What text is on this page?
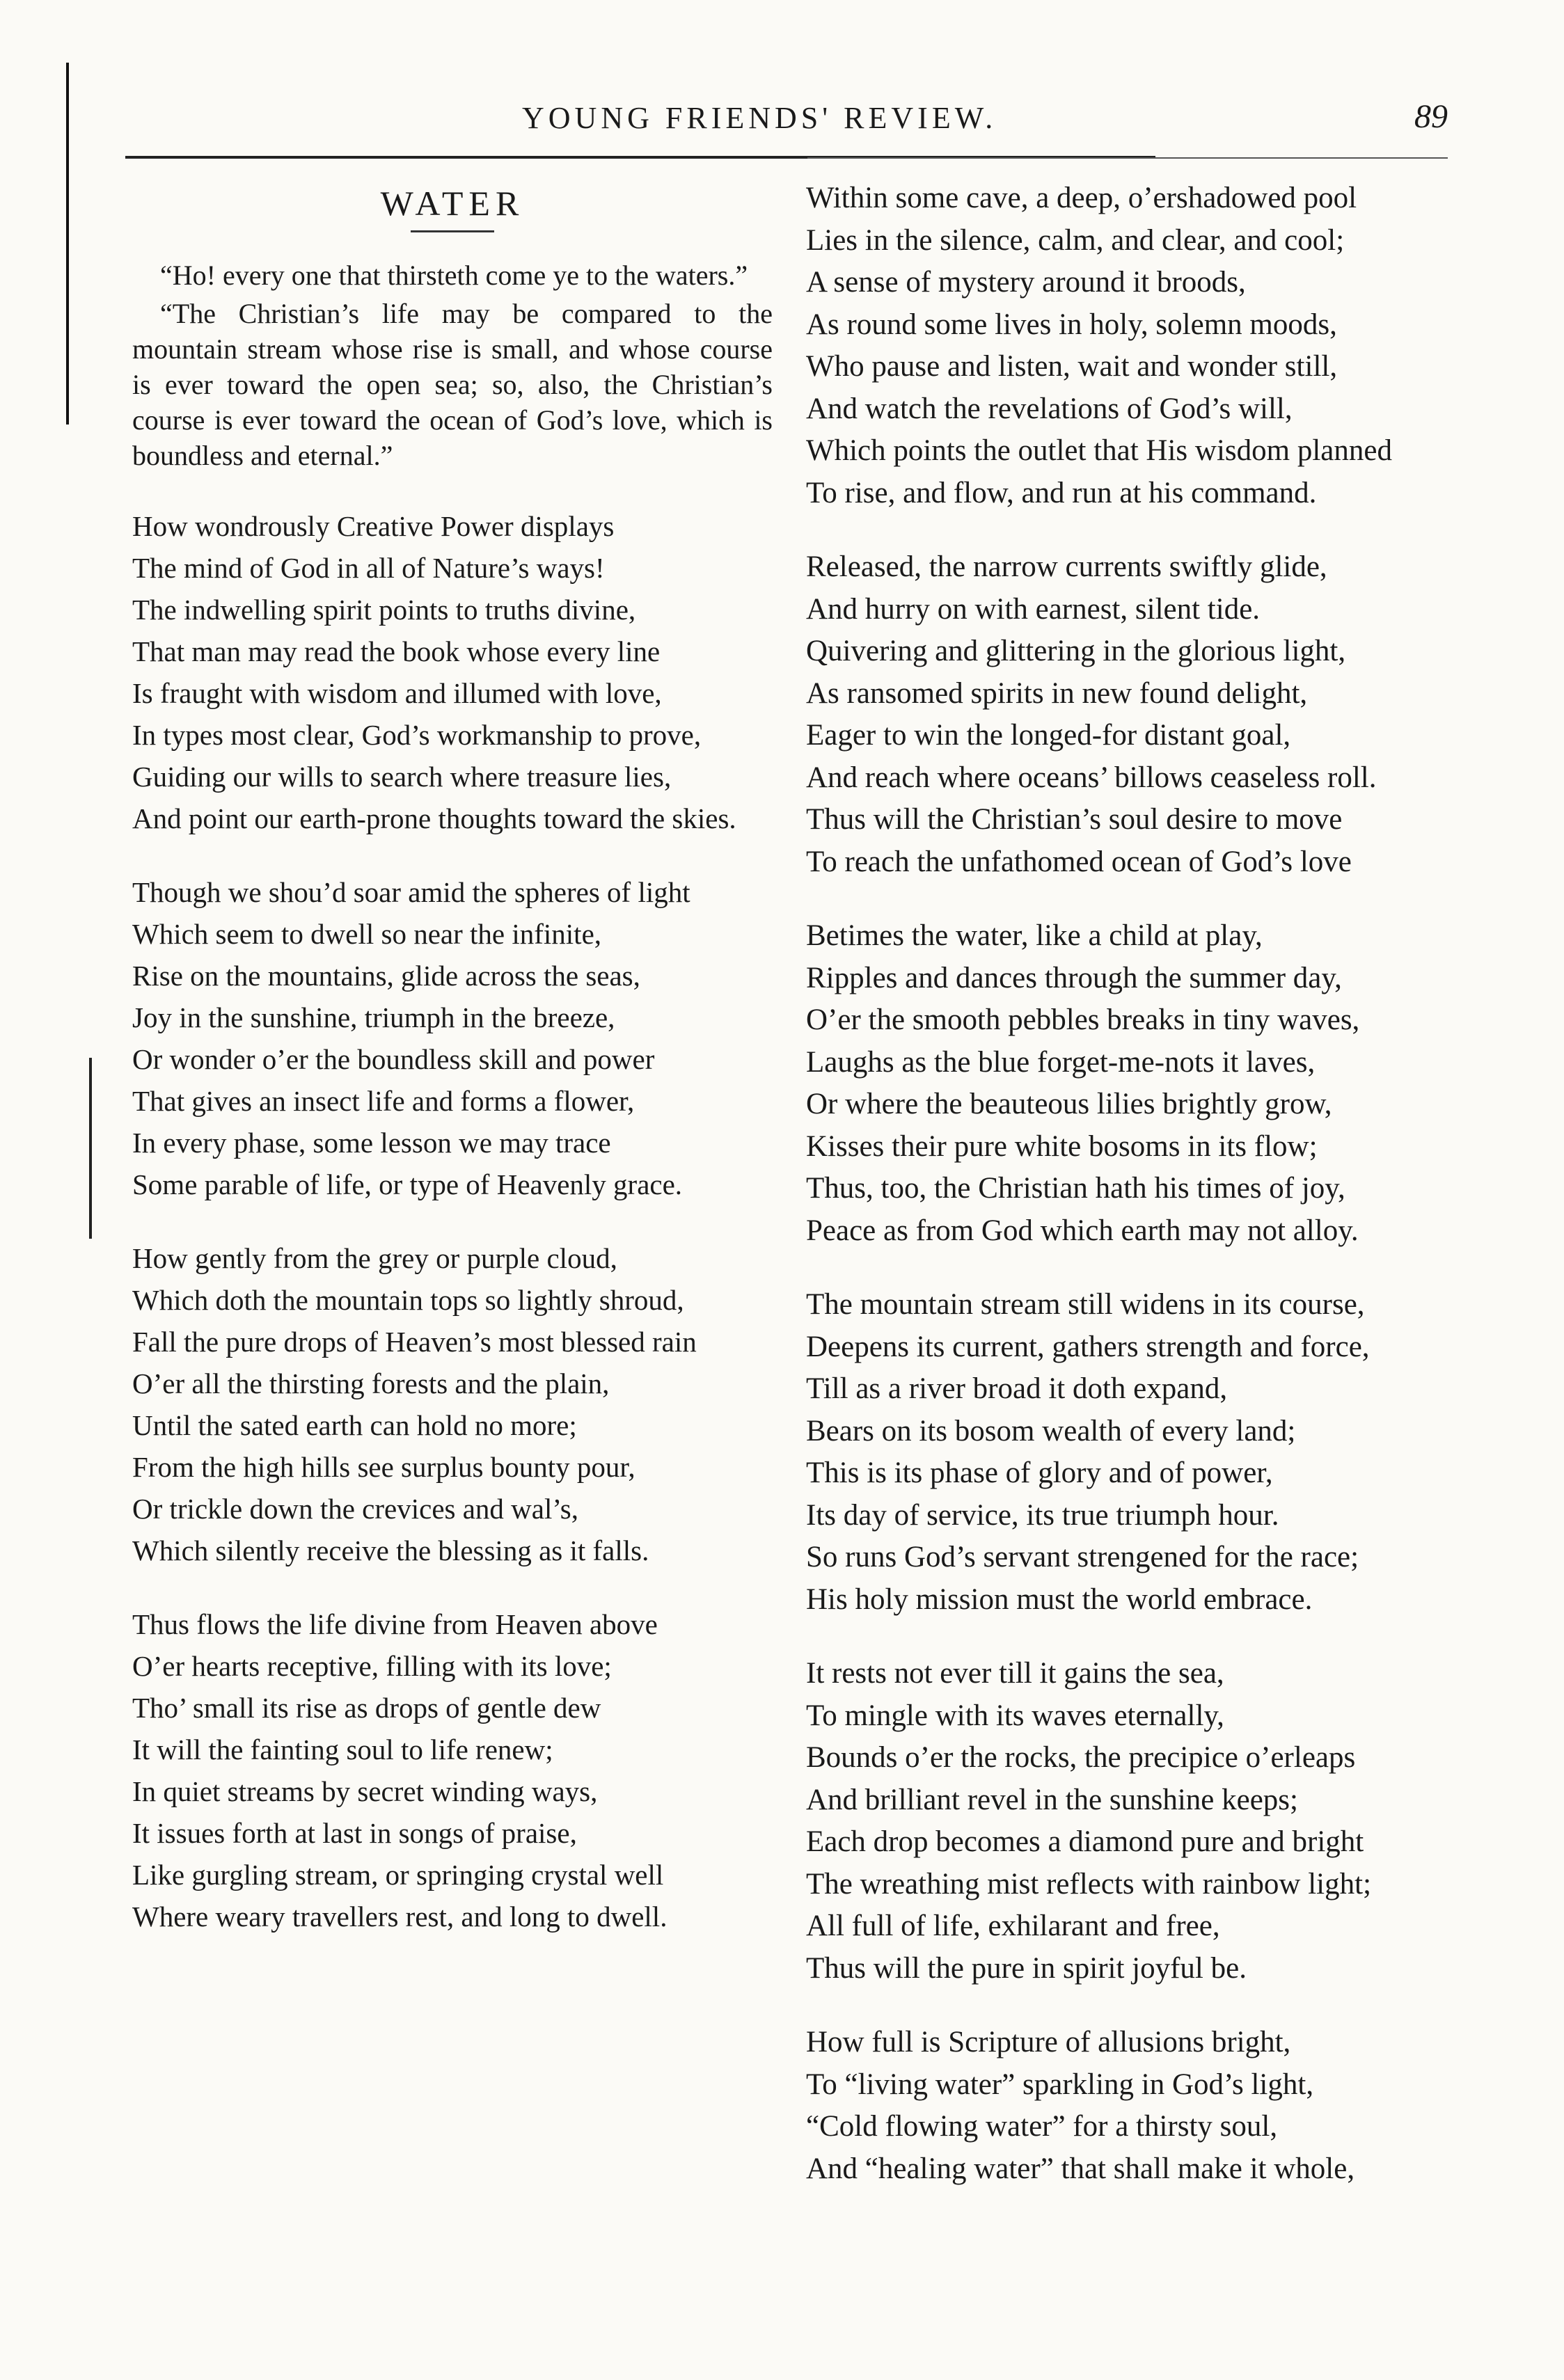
YOUNG FRIENDS' REVIEW.	89
WATER

“Ho! every one that thirsteth come ye to the waters.”

“The Christian’s life may be compared to the mountain stream whose rise is small, and whose course is ever toward the open sea; so, also, the Christian’s course is ever toward the ocean of God’s love, which is boundless and eternal.”

How wondrously Creative Power displays
The mind of God in all of Nature’s ways!
The indwelling spirit points to truths divine,
That man may read the book whose every line
Is fraught with wisdom and illumed with love,
In types most clear, God’s workmanship to prove,
Guiding our wills to search where treasure lies,
And point our earth-prone thoughts toward the skies.
Though we shou’d soar amid the spheres of light
Which seem to dwell so near the infinite,
Rise on the mountains, glide across the seas,
Joy in the sunshine, triumph in the breeze,
Or wonder o’er the boundless skill and power
That gives an insect life and forms a flower,
In every phase, some lesson we may trace
Some parable of life, or type of Heavenly grace.
How gently from the grey or purple cloud,
Which doth the mountain tops so lightly shroud,
Fall the pure drops of Heaven’s most blessed rain
O’er all the thirsting forests and the plain,
Until the sated earth can hold no more;
From the high hills see surplus bounty pour,
Or trickle down the crevices and wal’s,
Which silently receive the blessing as it falls.
Thus flows the life divine from Heaven above
O’er hearts receptive, filling with its love;
Tho’ small its rise as drops of gentle dew
It will the fainting soul to life renew;
In quiet streams by secret winding ways,
It issues forth at last in songs of praise,
Like gurgling stream, or springing crystal well
Where weary travellers rest, and long to dwell.
Within some cave, a deep, o’ershadowed pool
Lies in the silence, calm, and clear, and cool;
A sense of mystery around it broods,
As round some lives in holy, solemn moods,
Who pause and listen, wait and wonder still,
And watch the revelations of God’s will,
Which points the outlet that His wisdom planned
To rise, and flow, and run at his command.
Released, the narrow currents swiftly glide,
And hurry on with earnest, silent tide.
Quivering and glittering in the glorious light,
As ransomed spirits in new found delight,
Eager to win the longed-for distant goal,
And reach where oceans’ billows ceaseless roll.
Thus will the Christian’s soul desire to move
To reach the unfathomed ocean of God’s love
Betimes the water, like a child at play,
Ripples and dances through the summer day,
O’er the smooth pebbles breaks in tiny waves,
Laughs as the blue forget-me-nots it laves,
Or where the beauteous lilies brightly grow,
Kisses their pure white bosoms in its flow;
Thus, too, the Christian hath his times of joy,
Peace as from God which earth may not alloy.
The mountain stream still widens in its course,
Deepens its current, gathers strength and force,
Till as a river broad it doth expand,
Bears on its bosom wealth of every land;
This is its phase of glory and of power,
Its day of service, its true triumph hour.
So runs God’s servant strengened for the race;
His holy mission must the world embrace.
It rests not ever till it gains the sea,
To mingle with its waves eternally,
Bounds o’er the rocks, the precipice o’erleaps
And brilliant revel in the sunshine keeps;
Each drop becomes a diamond pure and bright
The wreathing mist reflects with rainbow light;
All full of life, exhilarant and free,
Thus will the pure in spirit joyful be.
How full is Scripture of allusions bright,
To “living water” sparkling in God’s light,
“Cold flowing water” for a thirsty soul,
And “healing water” that shall make it whole,
